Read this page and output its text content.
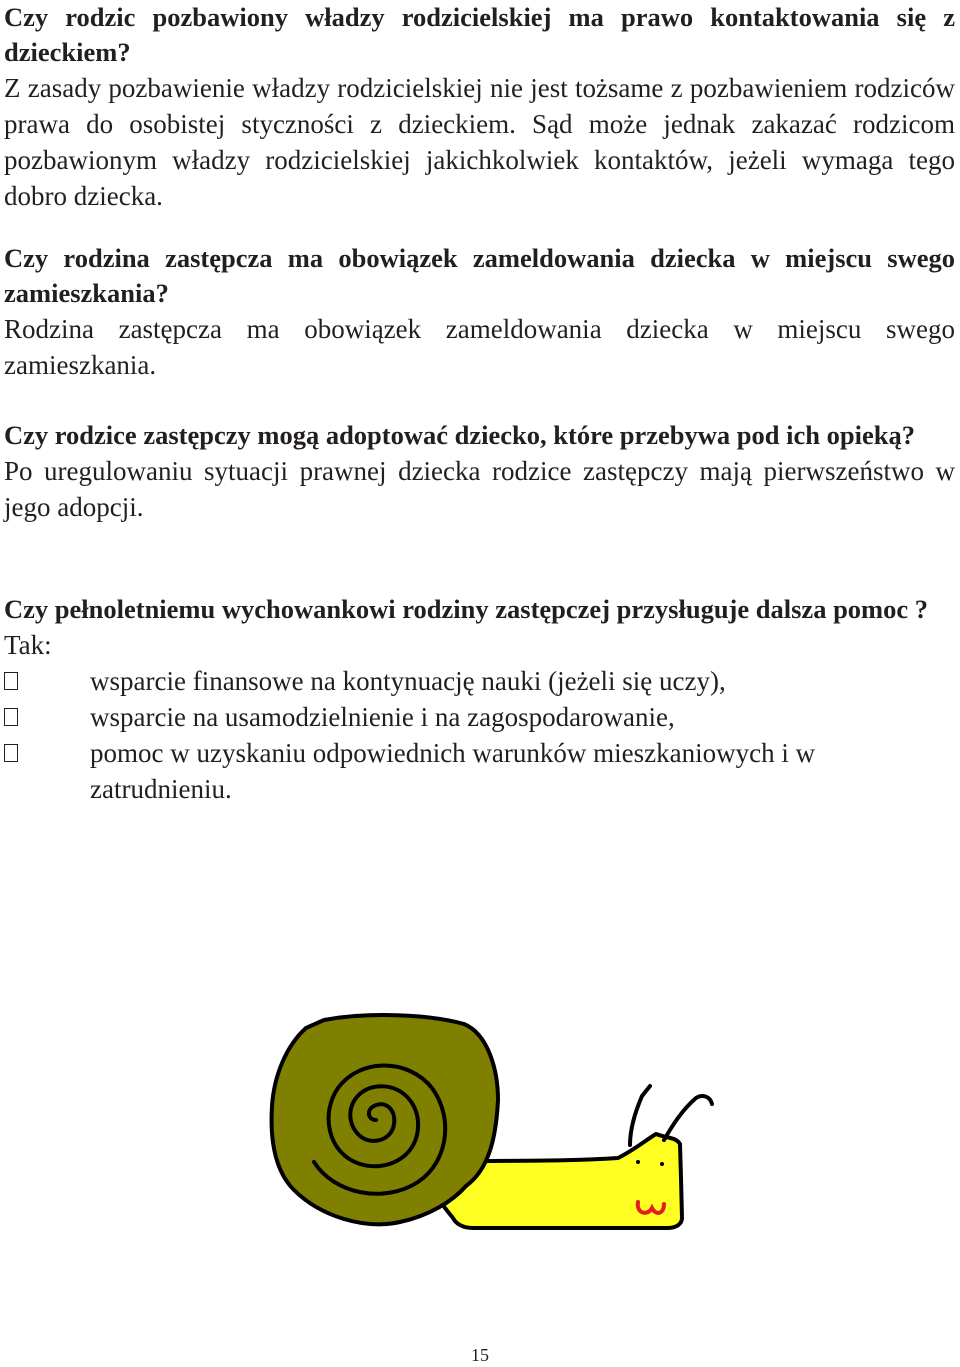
Czy rodzic pozbawiony władzy rodzicielskiej ma prawo kontaktowania się z dzieckiem?

Z zasady pozbawienie władzy rodzicielskiej nie jest tożsame z pozbawieniem rodziców prawa do osobistej styczności z dzieckiem. Sąd może jednak zakazać rodzicom pozbawionym władzy rodzicielskiej jakichkolwiek kontaktów, jeżeli wymaga tego dobro dziecka.

Czy rodzina zastępcza ma obowiązek zameldowania dziecka w miejscu swego zamieszkania?

Rodzina zastępcza ma obowiązek zameldowania dziecka w miejscu swego zamieszkania.

Czy rodzice zastępczy mogą adoptować dziecko, które przebywa pod ich opieką?

Po uregulowaniu sytuacji prawnej dziecka rodzice zastępczy mają pierwszeństwo w jego adopcji.

Czy pełnoletniemu wychowankowi rodziny zastępczej przysługuje dalsza pomoc ?

Tak:

wsparcie finansowe na kontynuację nauki (jeżeli się uczy),
wsparcie na usamodzielnienie i na zagospodarowanie,
pomoc w uzyskaniu odpowiednich warunków mieszkaniowych i w zatrudnieniu.
15
